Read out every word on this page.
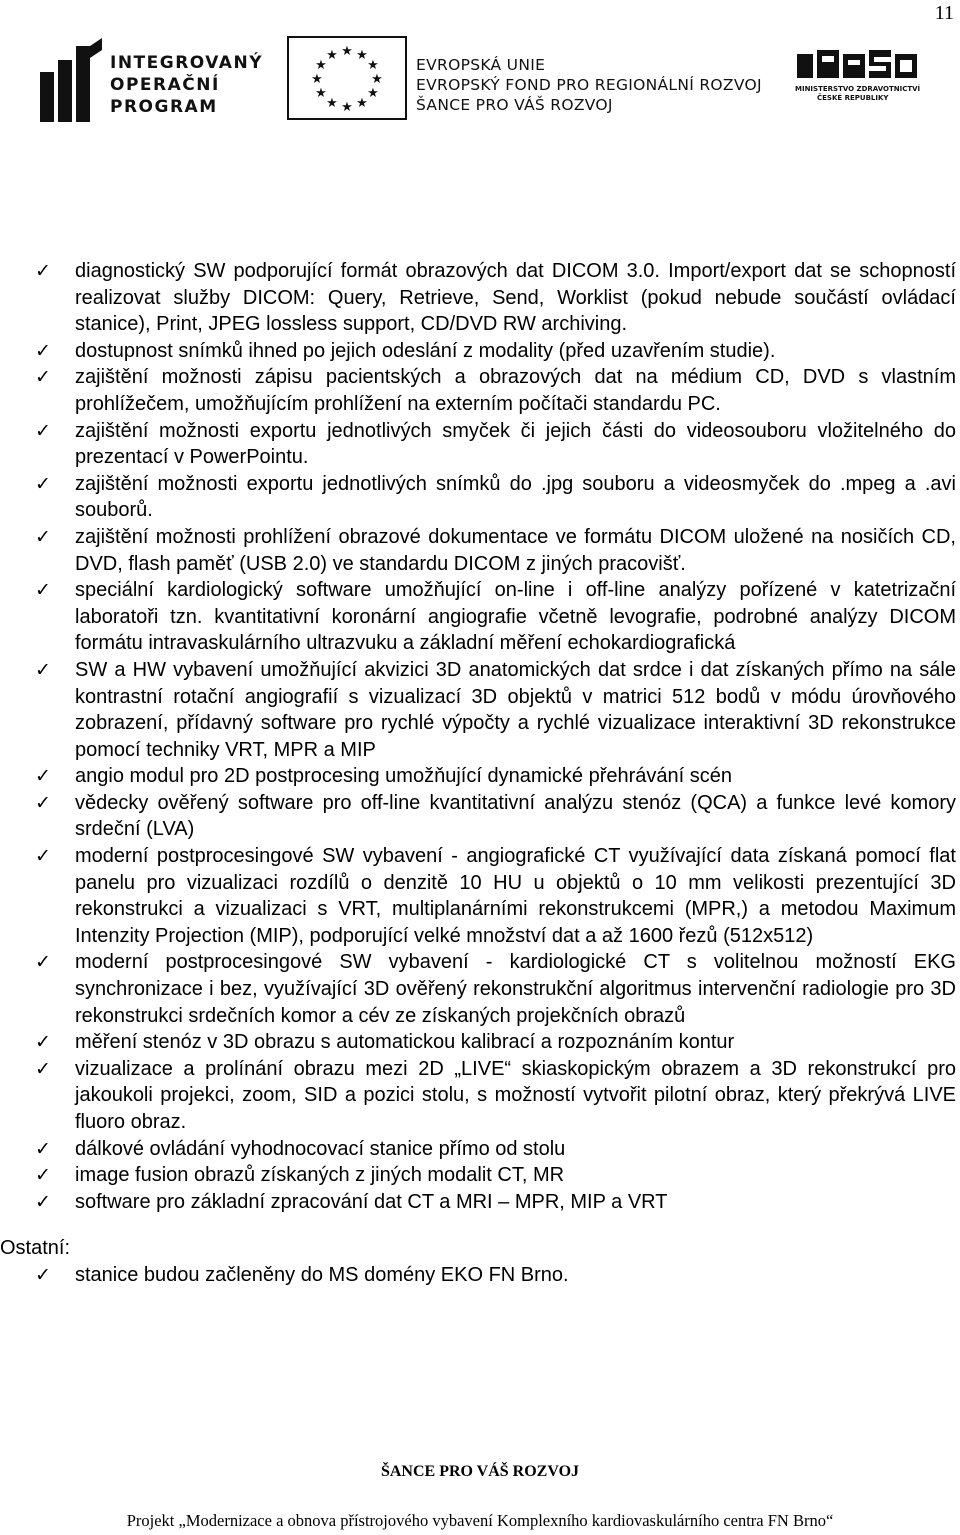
11
INTEGROVANÝ
OPERAČNÍ
PROGRAM
★ ★
★
★
★
★
★
★
★
★
★
★
EVROPSKÁ UNIE
EVROPSKÝ FOND PRO REGIONÁLNÍ ROZVOJ
ŠANCE PRO VÁŠ ROZVOJ
MINISTERSTVO ZDRAVOTNICTVÍ
ČESKÉ REPUBLIKY
✓ diagnostický SW podporující formát obrazových dat DICOM 3.0. Import/export dat se schopností realizovat služby DICOM: Query, Retrieve, Send, Worklist (pokud nebude součástí ovládací stanice), Print, JPEG lossless support, CD/DVD RW archiving.
✓ dostupnost snímků ihned po jejich odeslání z modality (před uzavřením studie).
✓ zajištění možnosti zápisu pacientských a obrazových dat na médium CD, DVD s vlastním prohlížečem, umožňujícím prohlížení na externím počítači standardu PC.
✓ zajištění možnosti exportu jednotlivých smyček či jejich části do videosouboru vložitelného do prezentací v PowerPointu.
✓ zajištění možnosti exportu jednotlivých snímků do .jpg souboru a videosmyček do .mpeg a .avi souborů.
✓ zajištění možnosti prohlížení obrazové dokumentace ve formátu DICOM uložené na nosičích CD, DVD, flash paměť (USB 2.0) ve standardu DICOM z jiných pracovišť.
✓ speciální kardiologický software umožňující on-line i off-line analýzy pořízené v katetrizační laboratoři tzn. kvantitativní koronární angiografie včetně levografie, podrobné analýzy DICOM formátu intravaskulárního ultrazvuku a základní měření echokardiografická
✓ SW a HW vybavení umožňující akvizici 3D anatomických dat srdce i dat získaných přímo na sále kontrastní rotační angiografií s vizualizací 3D objektů v matrici 512 bodů v módu úrovňového zobrazení, přídavný software pro rychlé výpočty a rychlé vizualizace interaktivní 3D rekonstrukce pomocí techniky VRT, MPR a MIP
✓ angio modul pro 2D postprocesing umožňující dynamické přehrávání scén
✓ vědecky ověřený software pro off-line kvantitativní analýzu stenóz (QCA) a funkce levé komory srdeční (LVA)
✓ moderní postprocesingové SW vybavení - angiografické CT využívající data získaná pomocí flat panelu pro vizualizaci rozdílů o denzitě 10 HU u objektů o 10 mm velikosti prezentující 3D rekonstrukci a vizualizaci s VRT, multiplanárními rekonstrukcemi (MPR,) a metodou Maximum Intenzity Projection (MIP), podporující velké množství dat a až 1600 řezů (512x512)
✓ moderní postprocesingové SW vybavení - kardiologické CT s volitelnou možností EKG synchronizace i bez, využívající 3D ověřený rekonstrukční algoritmus intervenční radiologie pro 3D rekonstrukci srdečních komor a cév ze získaných projekčních obrazů
✓ měření stenóz v 3D obrazu s automatickou kalibrací a rozpoznáním kontur
✓ vizualizace a prolínání obrazu mezi 2D „LIVE“ skiaskopickým obrazem a 3D rekonstrukcí pro jakoukoli projekci, zoom, SID a pozici stolu, s možností vytvořit pilotní obraz, který překrývá LIVE fluoro obraz.
✓ dálkové ovládání vyhodnocovací stanice přímo od stolu
✓ image fusion obrazů získaných z jiných modalit CT, MR
✓ software pro základní zpracování dat CT a MRI – MPR, MIP a VRT
Ostatní:
✓ stanice budou začleněny do MS domény EKO FN Brno.
ŠANCE PRO VÁŠ ROZVOJ
Projekt „Modernizace a obnova přístrojového vybavení Komplexního kardiovaskulárního centra FN Brno“
